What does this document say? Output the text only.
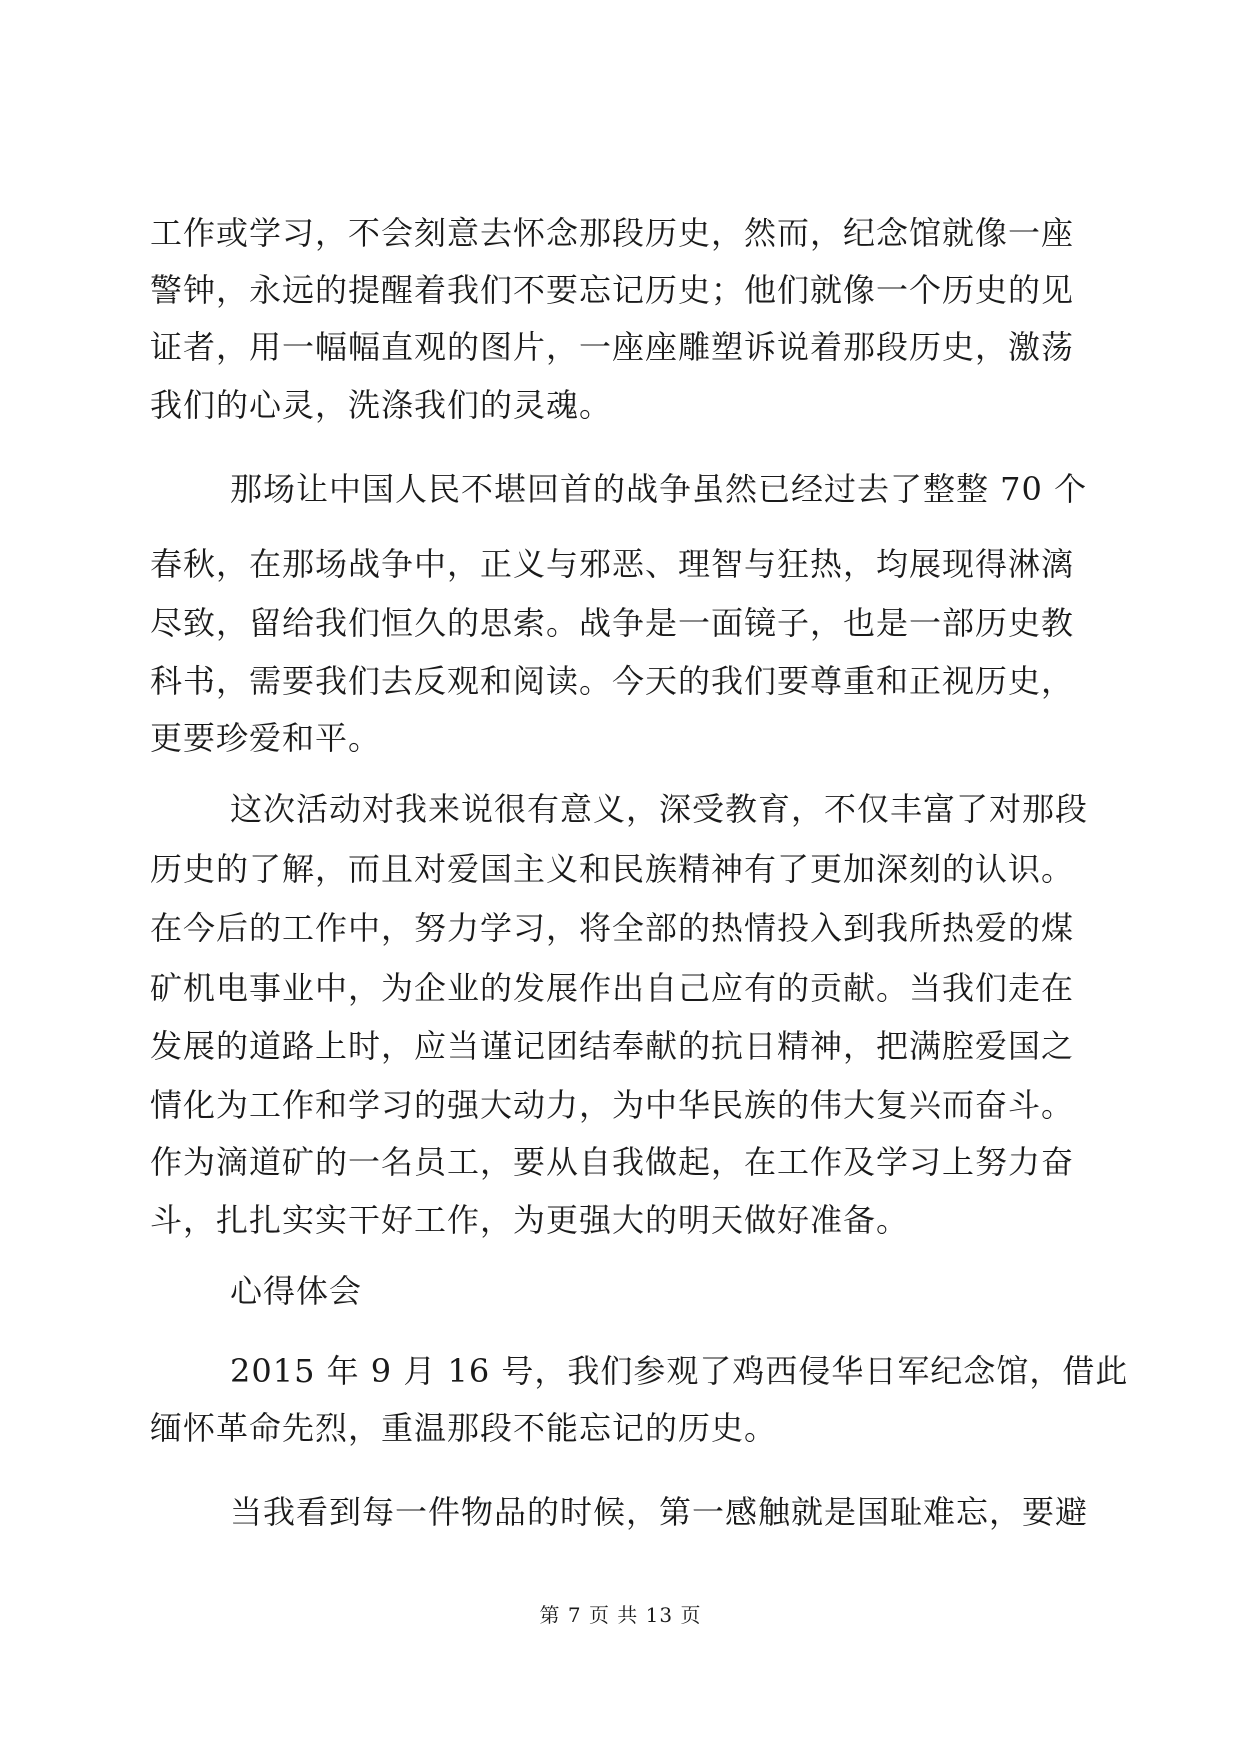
工作或学习，不会刻意去怀念那段历史，然而，纪念馆就像一座
警钟，永远的提醒着我们不要忘记历史；他们就像一个历史的见
证者，用一幅幅直观的图片，一座座雕塑诉说着那段历史，激荡
我们的心灵，洗涤我们的灵魂。
那场让中国人民不堪回首的战争虽然已经过去了整整 70 个
春秋，在那场战争中，正义与邪恶、理智与狂热，均展现得淋漓
尽致，留给我们恒久的思索。战争是一面镜子，也是一部历史教
科书，需要我们去反观和阅读。今天的我们要尊重和正视历史，
更要珍爱和平。
这次活动对我来说很有意义，深受教育，不仅丰富了对那段
历史的了解，而且对爱国主义和民族精神有了更加深刻的认识。
在今后的工作中，努力学习，将全部的热情投入到我所热爱的煤
矿机电事业中，为企业的发展作出自己应有的贡献。当我们走在
发展的道路上时，应当谨记团结奉献的抗日精神，把满腔爱国之
情化为工作和学习的强大动力，为中华民族的伟大复兴而奋斗。
作为滴道矿的一名员工，要从自我做起，在工作及学习上努力奋
斗，扎扎实实干好工作，为更强大的明天做好准备。
心得体会
2015 年 9 月 16 号，我们参观了鸡西侵华日军纪念馆，借此
缅怀革命先烈，重温那段不能忘记的历史。
当我看到每一件物品的时候，第一感触就是国耻难忘，要避
第 7 页 共 13 页
